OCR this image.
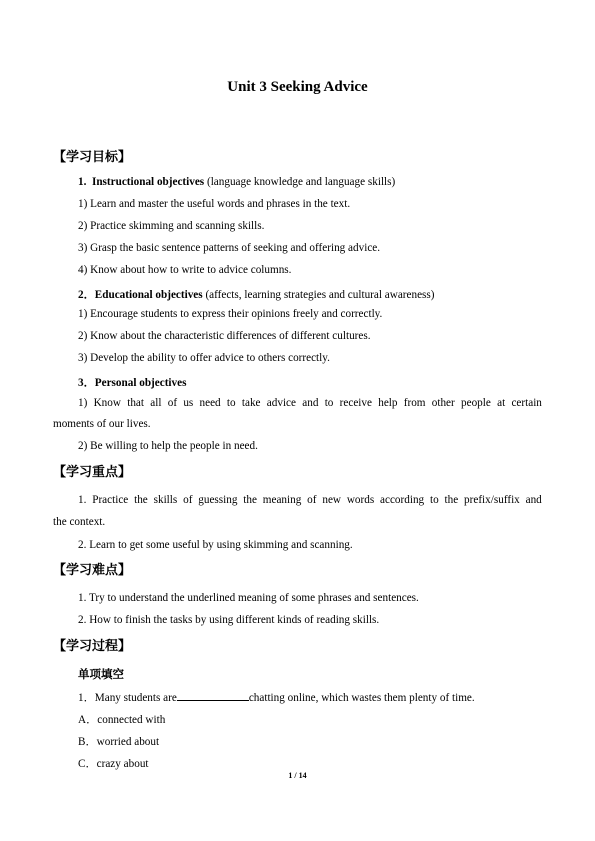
Unit 3 Seeking Advice
【学习目标】
1. Instructional objectives (language knowledge and language skills)
1) Learn and master the useful words and phrases in the text.
2) Practice skimming and scanning skills.
3) Grasp the basic sentence patterns of seeking and offering advice.
4) Know about how to write to advice columns.
2．Educational objectives (affects, learning strategies and cultural awareness)
1) Encourage students to express their opinions freely and correctly.
2) Know about the characteristic differences of different cultures.
3) Develop the ability to offer advice to others correctly.
3．Personal objectives
1) Know that all of us need to take advice and to receive help from other people at certain
moments of our lives.
2) Be willing to help the people in need.
【学习重点】
1. Practice the skills of guessing the meaning of new words according to the prefix/suffix and
the context.
2. Learn to get some useful by using skimming and scanning.
【学习难点】
1. Try to understand the underlined meaning of some phrases and sentences.
2. How to finish the tasks by using different kinds of reading skills.
【学习过程】
单项填空
1．Many students are	chatting online, which wastes them plenty of time.
A．connected with
B．worried about
C．crazy about
1 / 14
